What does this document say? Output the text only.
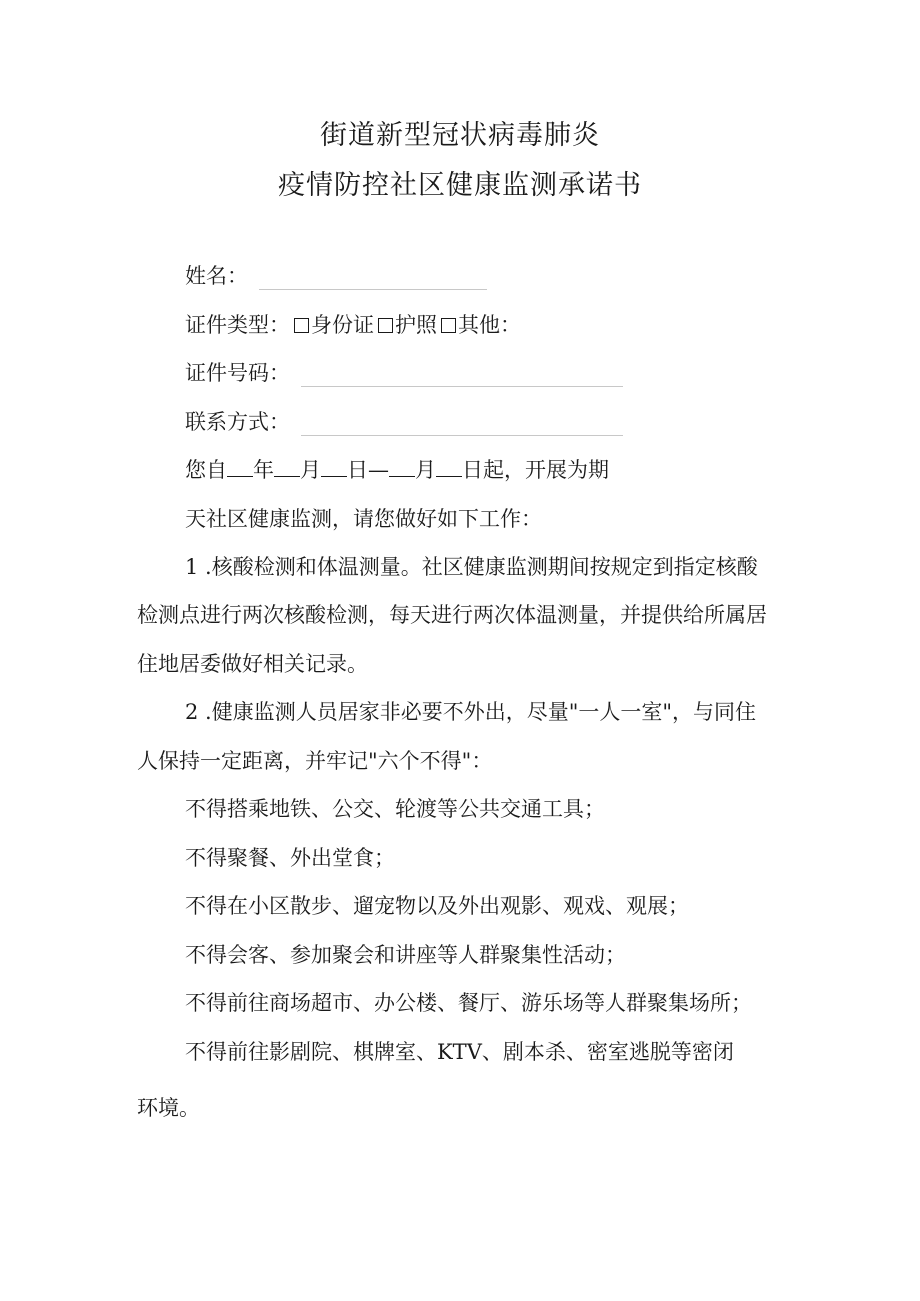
街道新型冠状病毒肺炎
疫情防控社区健康监测承诺书
姓名：
证件类型： 身份证 护照 其他：
证件号码：
联系方式：
您自 年 月 日— 月 日起，开展为期
天社区健康监测，请您做好如下工作：
1 .核酸检测和体温测量。社区健康监测期间按规定到指定核酸
检测点进行两次核酸检测，每天进行两次体温测量，并提供给所属居
住地居委做好相关记录。
2 .健康监测人员居家非必要不外出，尽量"一人一室"，与同住
人保持一定距离，并牢记"六个不得"：
不得搭乘地铁、公交、轮渡等公共交通工具；
不得聚餐、外出堂食；
不得在小区散步、遛宠物以及外出观影、观戏、观展；
不得会客、参加聚会和讲座等人群聚集性活动；
不得前往商场超市、办公楼、餐厅、游乐场等人群聚集场所；
不得前往影剧院、棋牌室、KTV、剧本杀、密室逃脱等密闭
环境。
